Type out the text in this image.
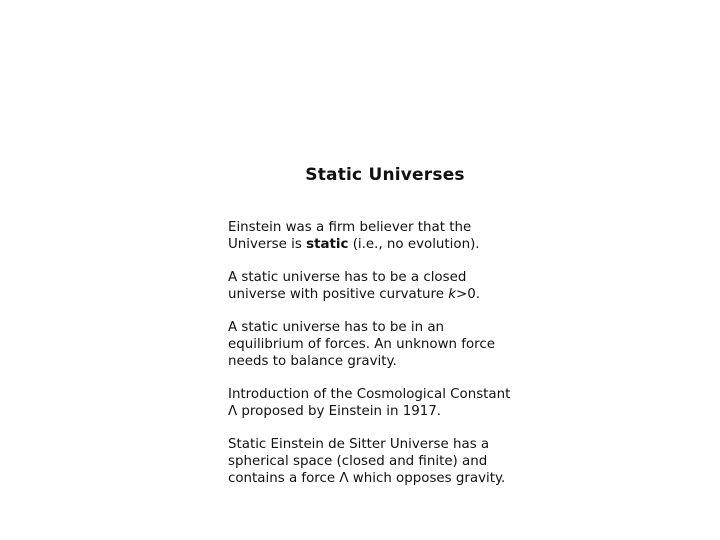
Static Universes

Einstein was a firm believer that the
Universe is static (i.e., no evolution).

A static universe has to be a closed
universe with positive curvature k>0.

A static universe has to be in an
equilibrium of forces. An unknown force
needs to balance gravity.

Introduction of the Cosmological Constant
Λ proposed by Einstein in 1917.

Static Einstein de Sitter Universe has a
spherical space (closed and finite) and
contains a force Λ which opposes gravity.
